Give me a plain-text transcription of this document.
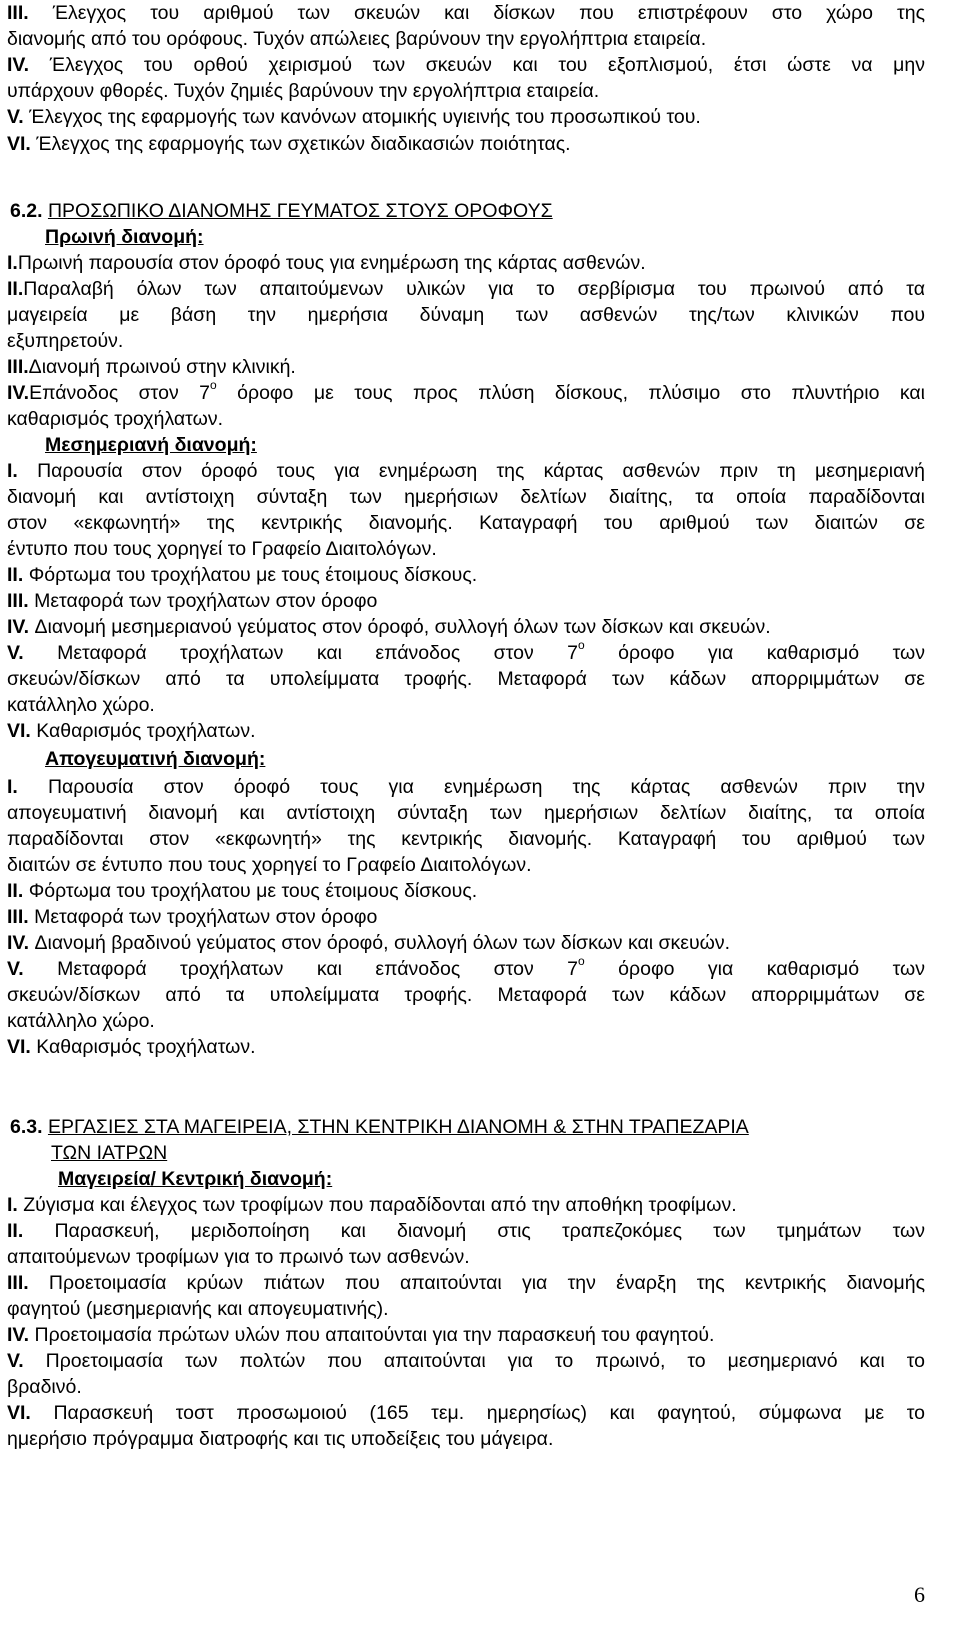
III. Έλεγχος του αριθμού των σκευών και δίσκων που επιστρέφουν στο χώρο της
διανομής από του ορόφους. Τυχόν απώλειες βαρύνουν την εργολήπτρια εταιρεία.
IV. Έλεγχος του ορθού χειρισμού των σκευών και του εξοπλισμού, έτσι ώστε να μην
υπάρχουν φθορές. Τυχόν ζημιές βαρύνουν την εργολήπτρια εταιρεία.
V. Έλεγχος της εφαρμογής των κανόνων ατομικής υγιεινής του προσωπικού του.
VI. Έλεγχος της εφαρμογής των σχετικών διαδικασιών ποιότητας.
6.2. ΠΡΟΣΩΠΙΚΟ ΔΙΑΝΟΜΗΣ ΓΕΥΜΑΤΟΣ ΣΤΟΥΣ ΟΡΟΦΟΥΣ
Πρωινή διανομή:
I.Πρωινή παρουσία στον όροφό τους για ενημέρωση της κάρτας ασθενών.
II.Παραλαβή όλων των απαιτούμενων υλικών για το σερβίρισμα του πρωινού από τα
μαγειρεία με βάση την ημερήσια δύναμη των ασθενών της/των κλινικών που
εξυπηρετούν.
III.Διανομή πρωινού στην κλινική.
IV.Επάνοδος στον $7^o$ όροφο με τους προς πλύση δίσκους, πλύσιμο στο πλυντήριο και
καθαρισμός τροχήλατων.
Μεσημεριανή διανομή:
I. Παρουσία στον όροφό τους για ενημέρωση της κάρτας ασθενών πριν τη μεσημεριανή
διανομή και αντίστοιχη σύνταξη των ημερήσιων δελτίων διαίτης, τα οποία παραδίδονται
στον «εκφωνητή» της κεντρικής διανομής. Καταγραφή του αριθμού των διαιτών σε
έντυπο που τους χορηγεί το Γραφείο Διαιτολόγων.
II. Φόρτωμα του τροχήλατου με τους έτοιμους δίσκους.
III. Μεταφορά των τροχήλατων στον όροφο
IV. Διανομή μεσημεριανού γεύματος στον όροφό, συλλογή όλων των δίσκων και σκευών.
V. Μεταφορά τροχήλατων και επάνοδος στον $7^o$ όροφο για καθαρισμό των
σκευών/δίσκων από τα υπολείμματα τροφής. Μεταφορά των κάδων απορριμμάτων σε
κατάλληλο χώρο.
VI. Καθαρισμός τροχήλατων.
Απογευματινή διανομή:
I. Παρουσία στον όροφό τους για ενημέρωση της κάρτας ασθενών πριν την
απογευματινή διανομή και αντίστοιχη σύνταξη των ημερήσιων δελτίων διαίτης, τα οποία
παραδίδονται στον «εκφωνητή» της κεντρικής διανομής. Καταγραφή του αριθμού των
διαιτών σε έντυπο που τους χορηγεί το Γραφείο Διαιτολόγων.
II. Φόρτωμα του τροχήλατου με τους έτοιμους δίσκους.
III. Μεταφορά των τροχήλατων στον όροφο
IV. Διανομή βραδινού γεύματος στον όροφό, συλλογή όλων των δίσκων και σκευών.
V. Μεταφορά τροχήλατων και επάνοδος στον $7^o$ όροφο για καθαρισμό των
σκευών/δίσκων από τα υπολείμματα τροφής. Μεταφορά των κάδων απορριμμάτων σε
κατάλληλο χώρο.
VI. Καθαρισμός τροχήλατων.
6.3. ΕΡΓΑΣΙΕΣ ΣΤΑ ΜΑΓΕΙΡΕΙΑ, ΣΤΗΝ ΚΕΝΤΡΙΚΗ ΔΙΑΝΟΜΗ & ΣΤΗΝ ΤΡΑΠΕΖΑΡΙΑ
ΤΩΝ ΙΑΤΡΩΝ
Μαγειρεία/ Κεντρική διανομή:
I. Ζύγισμα και έλεγχος των τροφίμων που παραδίδονται από την αποθήκη τροφίμων.
II. Παρασκευή, μεριδοποίηση και διανομή στις τραπεζοκόμες των τμημάτων των
απαιτούμενων τροφίμων για το πρωινό των ασθενών.
III. Προετοιμασία κρύων πιάτων που απαιτούνται για την έναρξη της κεντρικής διανομής
φαγητού (μεσημεριανής και απογευματινής).
IV. Προετοιμασία πρώτων υλών που απαιτούνται για την παρασκευή του φαγητού.
V. Προετοιμασία των πολτών που απαιτούνται για το πρωινό, το μεσημεριανό και το
βραδινό.
VI. Παρασκευή τοστ προσωμοιού (165 τεμ. ημερησίως) και φαγητού, σύμφωνα με το
ημερήσιο πρόγραμμα διατροφής και τις υποδείξεις του μάγειρα.
6
